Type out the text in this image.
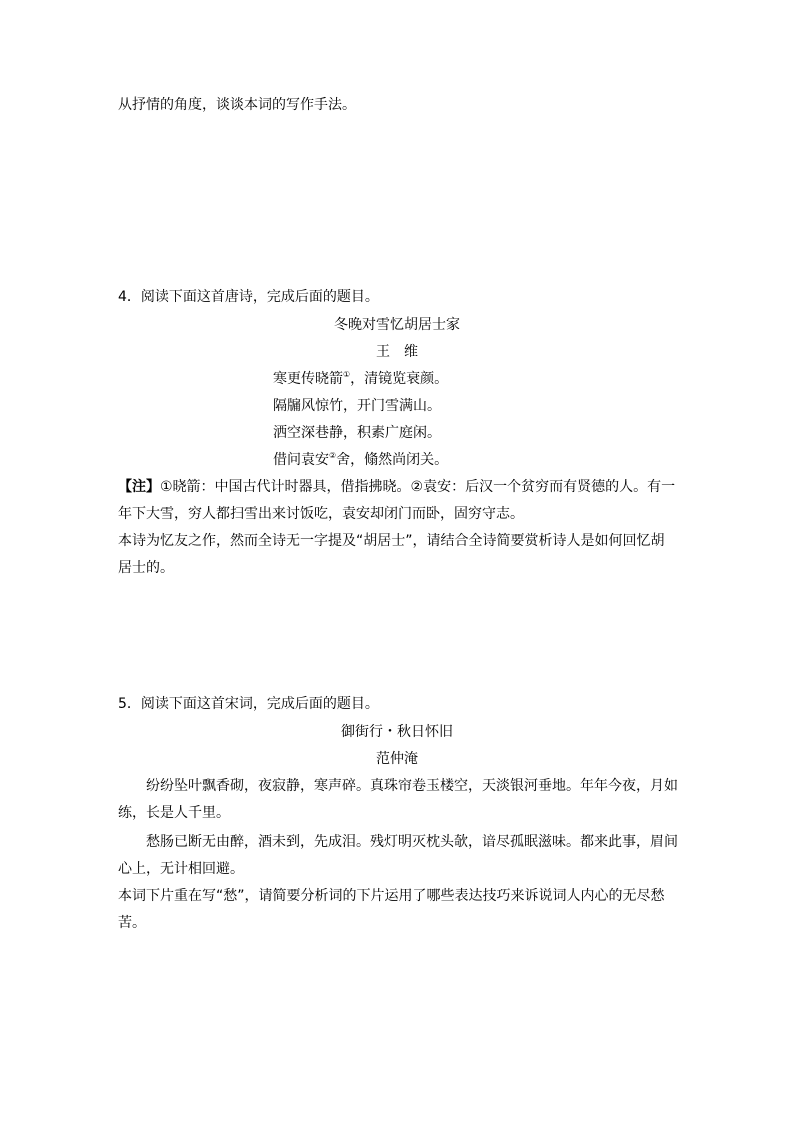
从抒情的角度，谈谈本词的写作手法。
4．阅读下面这首唐诗，完成后面的题目。
冬晚对雪忆胡居士家
王维
寒更传晓箭①，清镜览衰颜。
隔牖风惊竹，开门雪满山。
洒空深巷静，积素广庭闲。
借问袁安②舍，翛然尚闭关。
【注】①晓箭：中国古代计时器具，借指拂晓。②袁安：后汉一个贫穷而有贤德的人。有一
年下大雪，穷人都扫雪出来讨饭吃，袁安却闭门而卧，固穷守志。
本诗为忆友之作，然而全诗无一字提及“胡居士”，请结合全诗简要赏析诗人是如何回忆胡
居士的。
5．阅读下面这首宋词，完成后面的题目。
御街行・秋日怀旧
范仲淹
纷纷坠叶飘香砌，夜寂静，寒声碎。真珠帘卷玉楼空，天淡银河垂地。年年今夜，月如
练，长是人千里。
愁肠已断无由醉，酒未到，先成泪。残灯明灭枕头欹，谙尽孤眠滋味。都来此事，眉间
心上，无计相回避。
本词下片重在写“愁”，请简要分析词的下片运用了哪些表达技巧来诉说词人内心的无尽愁
苦。
